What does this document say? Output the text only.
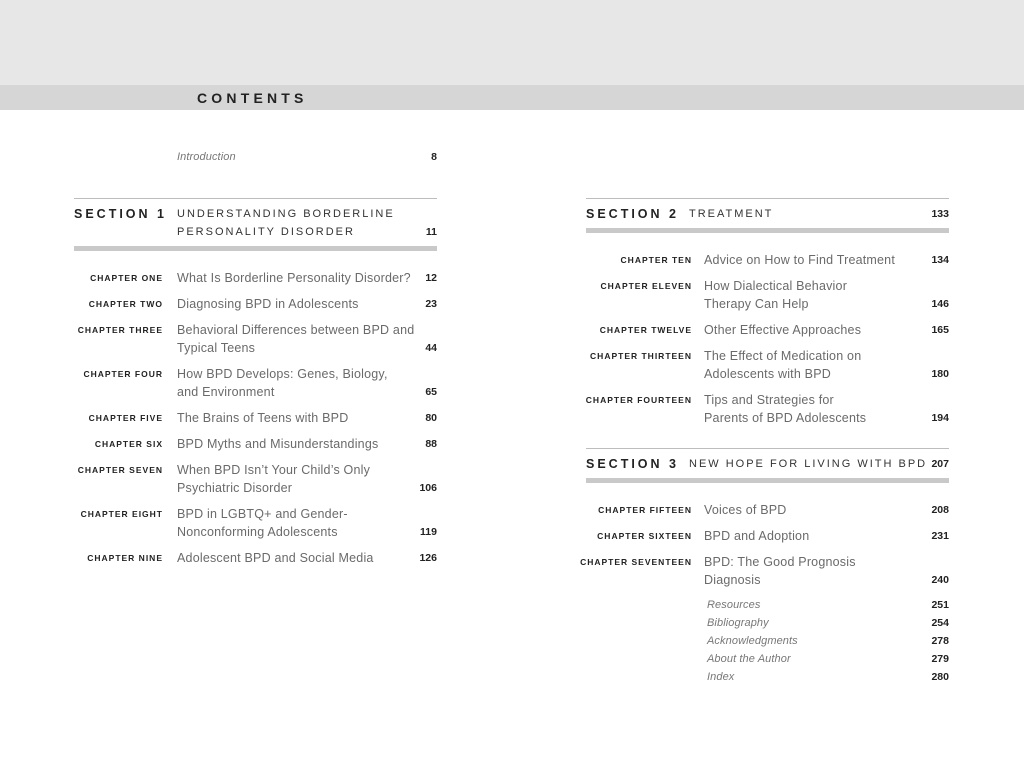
CONTENTS
Introduction	8
SECTION 1 UNDERSTANDING BORDERLINE
PERSONALITY DISORDER	11
CHAPTER ONE What Is Borderline Personality Disorder?	12
CHAPTER TWO Diagnosing BPD in Adolescents	23
CHAPTER THREE Behavioral Differences between BPD and
Typical Teens	44
CHAPTER FOUR How BPD Develops: Genes, Biology,
and Environment	65
CHAPTER FIVE The Brains of Teens with BPD	80
CHAPTER SIX BPD Myths and Misunderstandings	88
CHAPTER SEVEN When BPD Isn’t Your Child’s Only
Psychiatric Disorder	106
CHAPTER EIGHT BPD in LGBTQ+ and Gender-
Nonconforming Adolescents	119
CHAPTER NINE Adolescent BPD and Social Media	126
SECTION 2 TREATMENT	133
CHAPTER TEN Advice on How to Find Treatment	134
CHAPTER ELEVEN How Dialectical Behavior
Therapy Can Help	146
CHAPTER TWELVE Other Effective Approaches	165
CHAPTER THIRTEEN The Effect of Medication on
Adolescents with BPD	180
CHAPTER FOURTEEN Tips and Strategies for
Parents of BPD Adolescents	194
SECTION 3 NEW HOPE FOR LIVING WITH BPD 207
CHAPTER FIFTEEN Voices of BPD	208
CHAPTER SIXTEEN BPD and Adoption	231
CHAPTER SEVENTEEN BPD: The Good Prognosis
Diagnosis	240
Resources	251
Bibliography	254
Acknowledgments	278
About the Author	279
Index	280
